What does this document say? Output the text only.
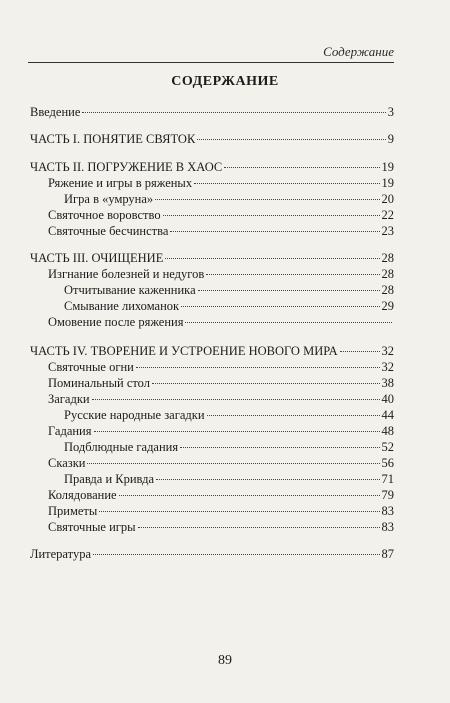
Содержание
СОДЕРЖАНИЕ
Введение	3
ЧАСТЬ I. ПОНЯТИЕ СВЯТОК	9
ЧАСТЬ II. ПОГРУЖЕНИЕ В ХАОС	19
Ряжение и игры в ряженых	19
Игра в «умруна»	20
Святочное воровство	22
Святочные бесчинства	23
ЧАСТЬ III. ОЧИЩЕНИЕ	28
Изгнание болезней и недугов	28
Отчитывание каженника	28
Смывание лихоманок	29
Омовение после ряжения
ЧАСТЬ IV. ТВОРЕНИЕ И УСТРОЕНИЕ НОВОГО МИРА	32
Святочные огни	32
Поминальный стол	38
Загадки	40
Русские народные загадки	44
Гадания	48
Подблюдные гадания	52
Сказки	56
Правда и Кривда	71
Колядование	79
Приметы	83
Святочные игры	83
Литература	87
89
